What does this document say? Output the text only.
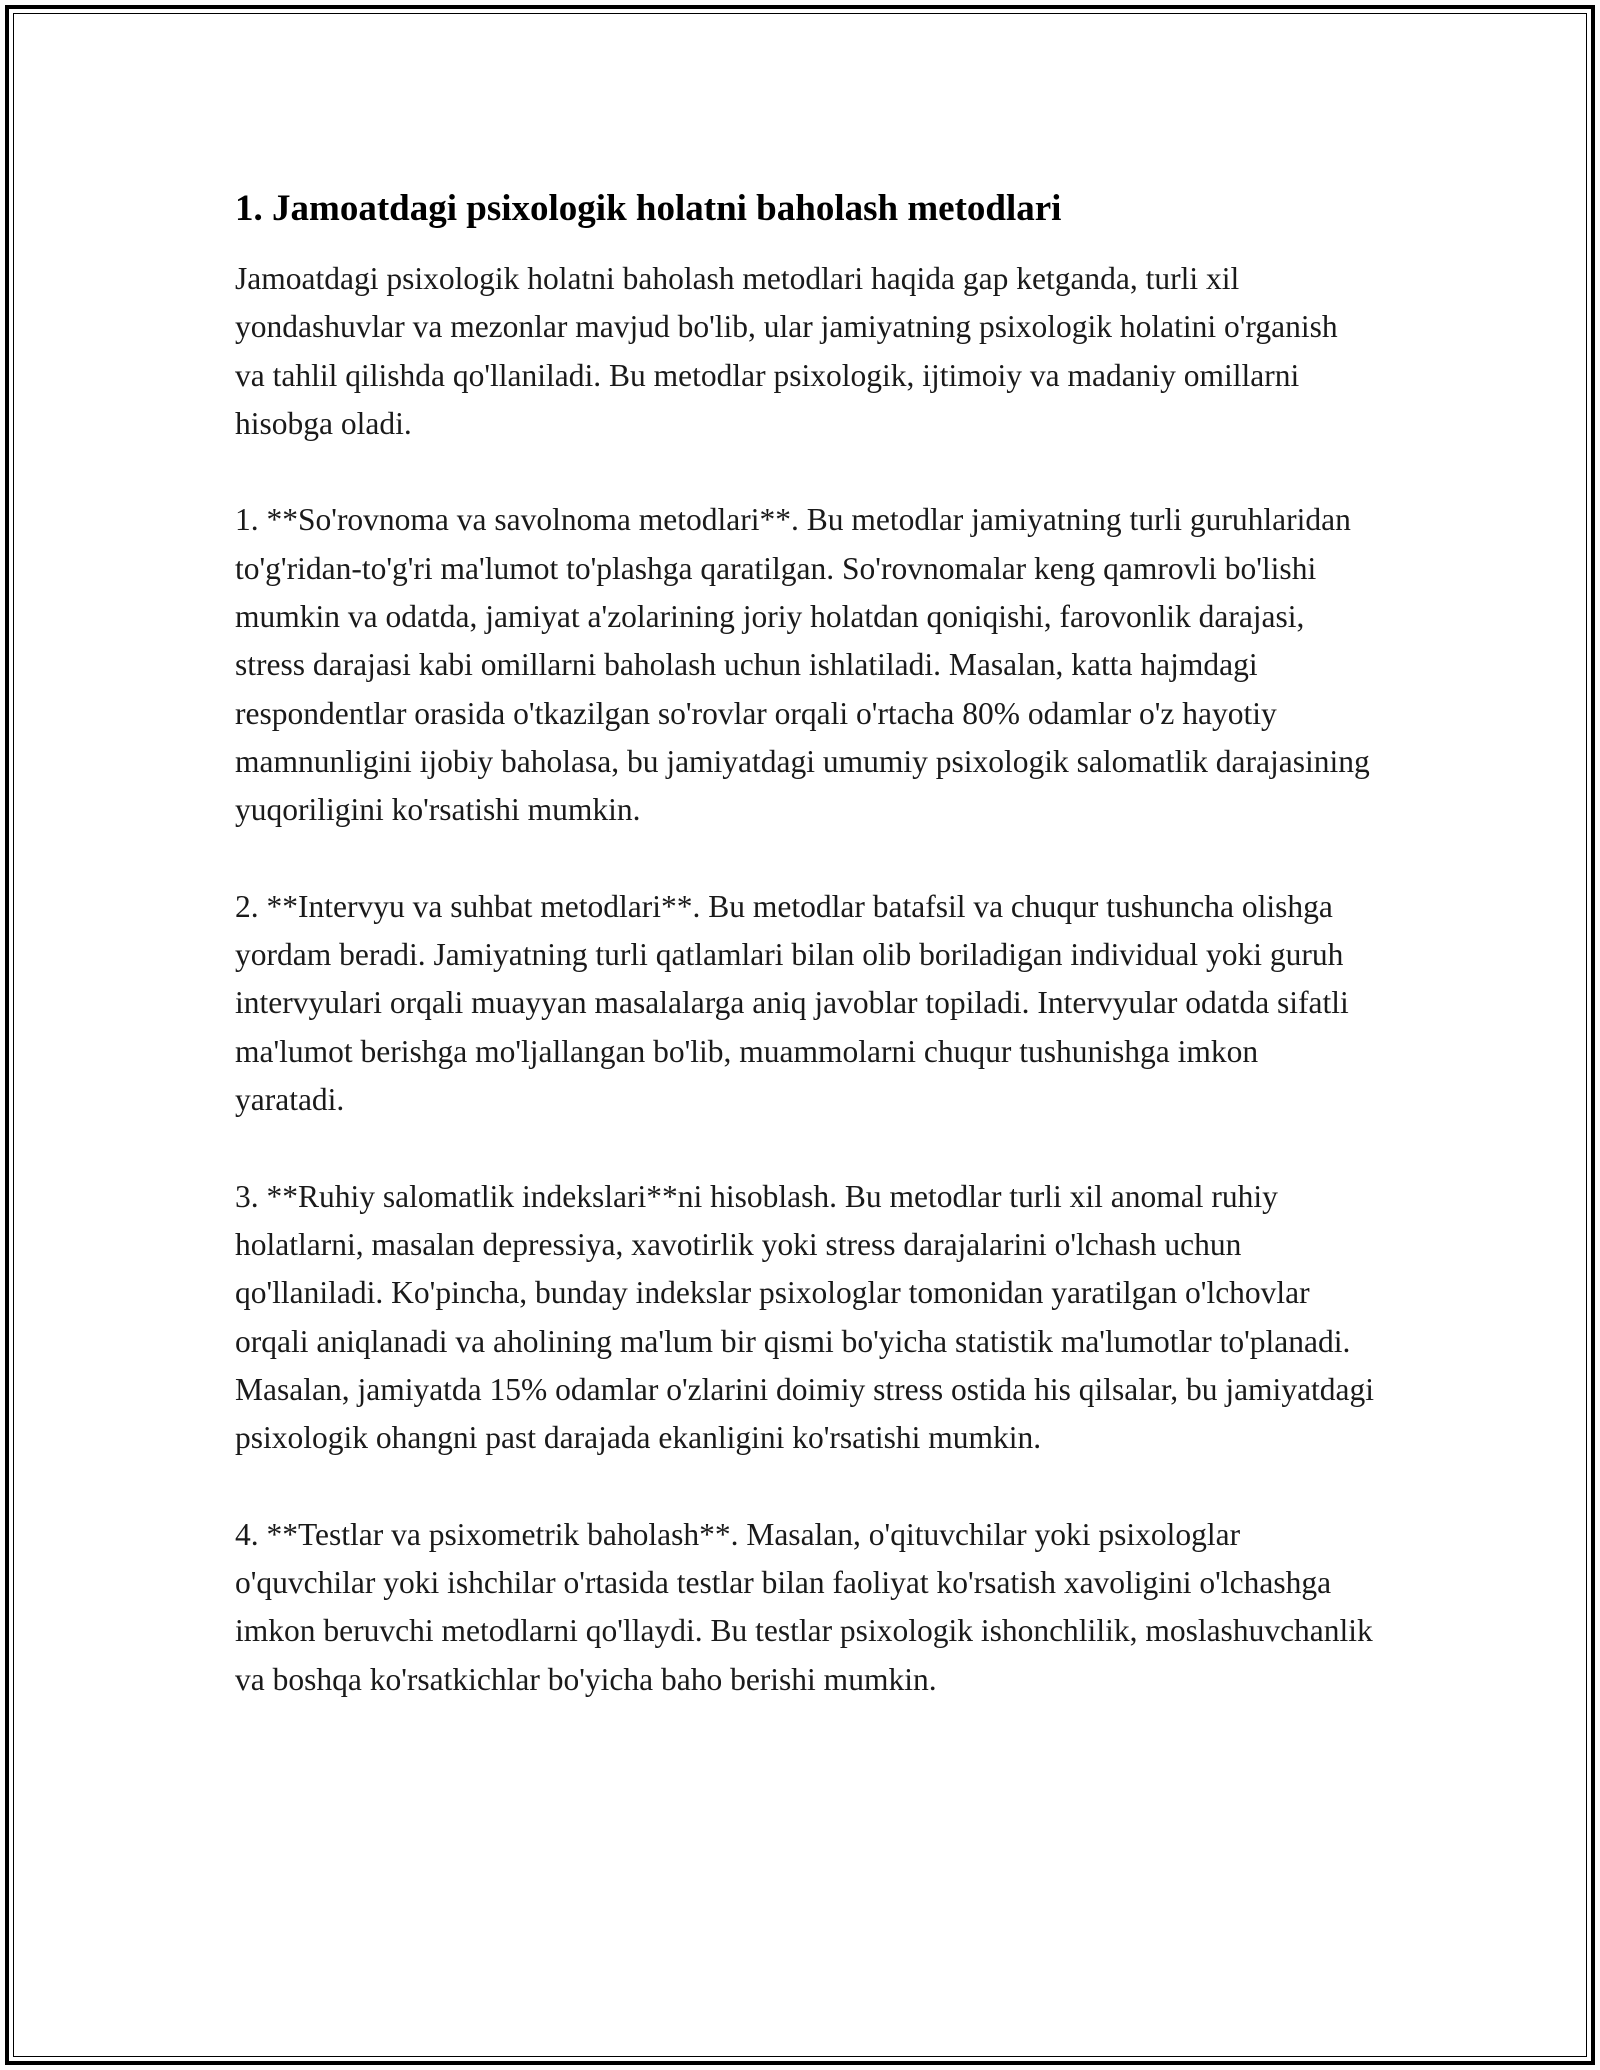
1. Jamoatdagi psixologik holatni baholash metodlari

Jamoatdagi psixologik holatni baholash metodlari haqida gap ketganda, turli xil yondashuvlar va mezonlar mavjud bo'lib, ular jamiyatning psixologik holatini o'rganish va tahlil qilishda qo'llaniladi. Bu metodlar psixologik, ijtimoiy va madaniy omillarni hisobga oladi.

1. **So'rovnoma va savolnoma metodlari**. Bu metodlar jamiyatning turli guruhlaridan to'g'ridan-to'g'ri ma'lumot to'plashga qaratilgan. So'rovnomalar keng qamrovli bo'lishi mumkin va odatda, jamiyat a'zolarining joriy holatdan qoniqishi, farovonlik darajasi, stress darajasi kabi omillarni baholash uchun ishlatiladi. Masalan, katta hajmdagi respondentlar orasida o'tkazilgan so'rovlar orqali o'rtacha 80% odamlar o'z hayotiy mamnunligini ijobiy baholasa, bu jamiyatdagi umumiy psixologik salomatlik darajasining yuqoriligini ko'rsatishi mumkin.

2. **Intervyu va suhbat metodlari**. Bu metodlar batafsil va chuqur tushuncha olishga yordam beradi. Jamiyatning turli qatlamlari bilan olib boriladigan individual yoki guruh intervyulari orqali muayyan masalalarga aniq javoblar topiladi. Intervyular odatda sifatli ma'lumot berishga mo'ljallangan bo'lib, muammolarni chuqur tushunishga imkon yaratadi.

3. **Ruhiy salomatlik indekslari**ni hisoblash. Bu metodlar turli xil anomal ruhiy holatlarni, masalan depressiya, xavotirlik yoki stress darajalarini o'lchash uchun qo'llaniladi. Ko'pincha, bunday indekslar psixologlar tomonidan yaratilgan o'lchovlar orqali aniqlanadi va aholining ma'lum bir qismi bo'yicha statistik ma'lumotlar to'planadi. Masalan, jamiyatda 15% odamlar o'zlarini doimiy stress ostida his qilsalar, bu jamiyatdagi psixologik ohangni past darajada ekanligini ko'rsatishi mumkin.

4. **Testlar va psixometrik baholash**. Masalan, o'qituvchilar yoki psixologlar o'quvchilar yoki ishchilar o'rtasida testlar bilan faoliyat ko'rsatish xavoligini o'lchashga imkon beruvchi metodlarni qo'llaydi. Bu testlar psixologik ishonchlilik, moslashuvchanlik va boshqa ko'rsatkichlar bo'yicha baho berishi mumkin.
